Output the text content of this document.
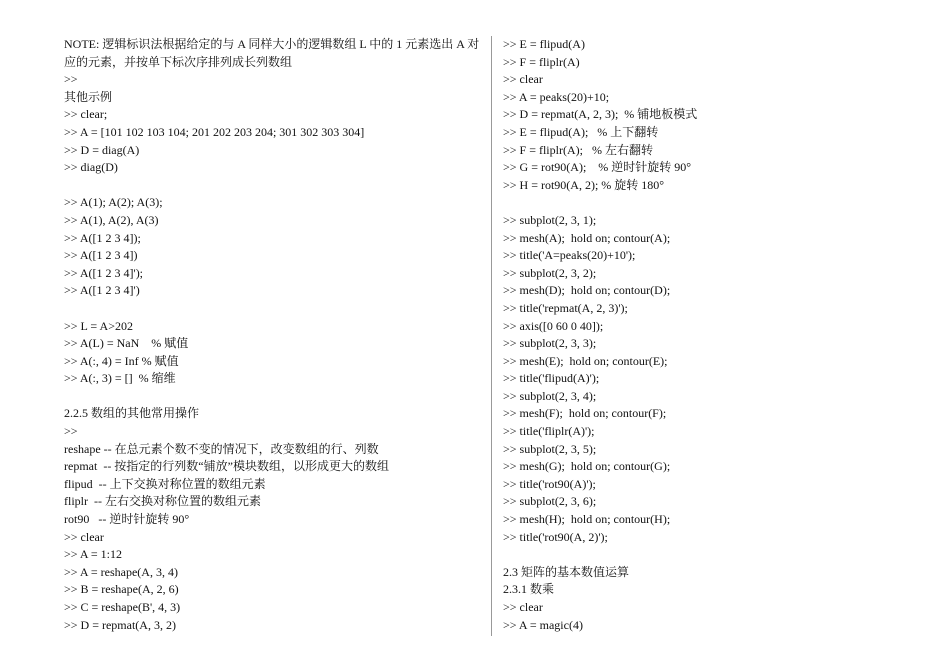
NOTE: 逻辑标识法根据给定的与 A 同样大小的逻辑数组 L 中的 1 元素选出 A 对应的元素，并按单下标次序排列成长列数组
>>
其他示例
>> clear;
>> A = [101 102 103 104; 201 202 203 204; 301 302 303 304]
>> D = diag(A)
>> diag(D)
>> A(1); A(2); A(3);
>> A(1), A(2), A(3)
>> A([1 2 3 4]);
>> A([1 2 3 4])
>> A([1 2 3 4]');
>> A([1 2 3 4]')
>> L = A>202
>> A(L) = NaN    % 赋值
>> A(:, 4) = Inf % 赋值
>> A(:, 3) = []  % 缩维
2.2.5 数组的其他常用操作
>>
reshape -- 在总元素个数不变的情况下，改变数组的行、列数
repmat  -- 按指定的行列数“铺放”模块数组，以形成更大的数组
flipud  -- 上下交换对称位置的数组元素
fliplr  -- 左右交换对称位置的数组元素
rot90   -- 逆时针旋转 90°
>> clear
>> A = 1:12
>> A = reshape(A, 3, 4)
>> B = reshape(A, 2, 6)
>> C = reshape(B', 4, 3)
>> D = repmat(A, 3, 2)
>> E = flipud(A)
>> F = fliplr(A)
>> clear
>> A = peaks(20)+10;
>> D = repmat(A, 2, 3);  % 铺地板模式
>> E = flipud(A);   % 上下翻转
>> F = fliplr(A);   % 左右翻转
>> G = rot90(A);    % 逆时针旋转 90°
>> H = rot90(A, 2); % 旋转 180°
>> subplot(2, 3, 1);
>> mesh(A);  hold on; contour(A);
>> title('A=peaks(20)+10');
>> subplot(2, 3, 2);
>> mesh(D);  hold on; contour(D);
>> title('repmat(A, 2, 3)');
>> axis([0 60 0 40]);
>> subplot(2, 3, 3);
>> mesh(E);  hold on; contour(E);
>> title('flipud(A)');
>> subplot(2, 3, 4);
>> mesh(F);  hold on; contour(F);
>> title('fliplr(A)');
>> subplot(2, 3, 5);
>> mesh(G);  hold on; contour(G);
>> title('rot90(A)');
>> subplot(2, 3, 6);
>> mesh(H);  hold on; contour(H);
>> title('rot90(A, 2)');
2.3 矩阵的基本数值运算
2.3.1 数乘
>> clear
>> A = magic(4)
